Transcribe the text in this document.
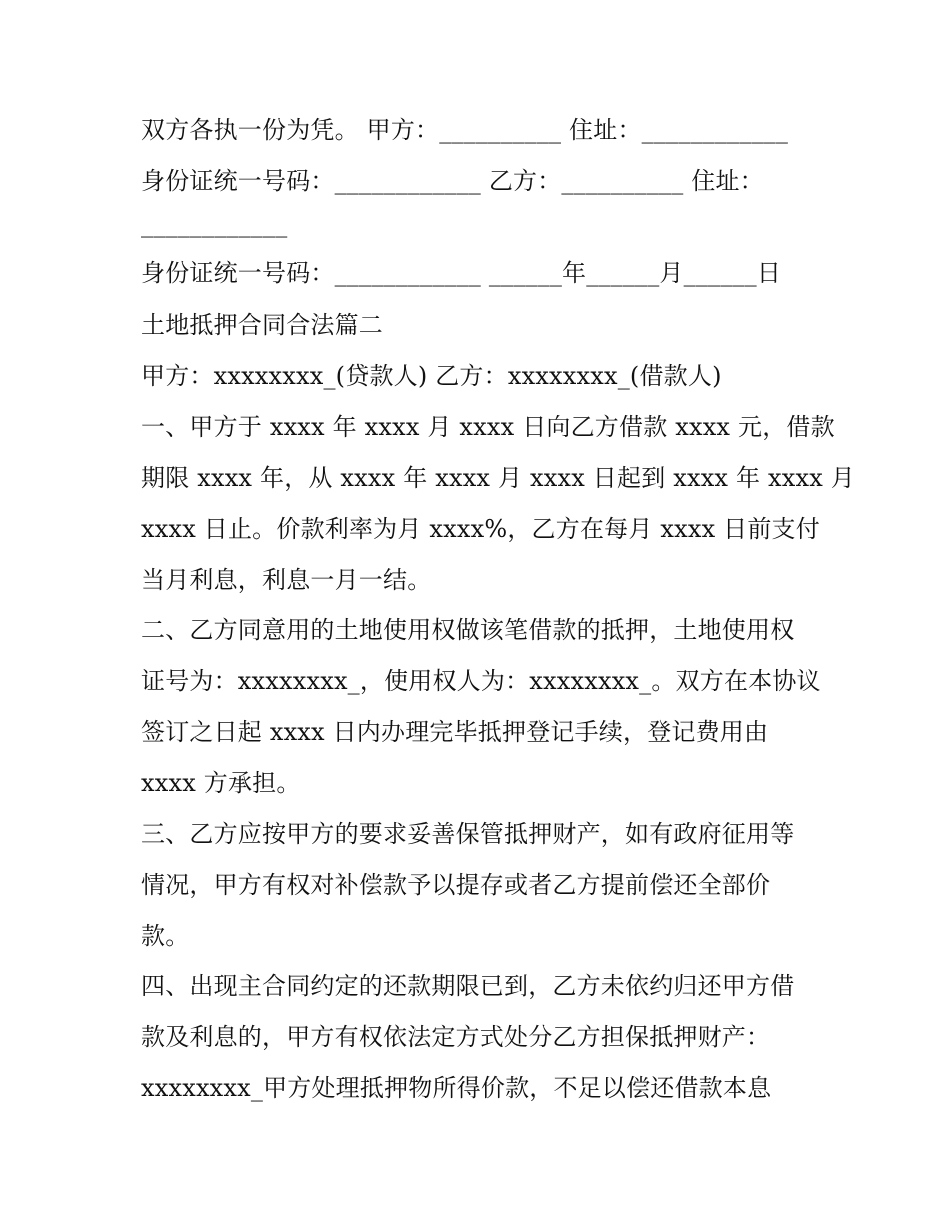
双方各执一份为凭。 甲方：__________ 住址：____________
身份证统一号码：____________ 乙方：__________ 住址：
____________
身份证统一号码：____________ ______年______月______日
土地抵押合同合法篇二
甲方：xxxxxxxx_(贷款人) 乙方：xxxxxxxx_(借款人)
一、甲方于 xxxx 年 xxxx 月 xxxx 日向乙方借款 xxxx 元，借款
期限 xxxx 年，从 xxxx 年 xxxx 月 xxxx 日起到 xxxx 年 xxxx 月
xxxx 日止。价款利率为月 xxxx%，乙方在每月 xxxx 日前支付
当月利息，利息一月一结。
二、乙方同意用的土地使用权做该笔借款的抵押，土地使用权
证号为：xxxxxxxx_，使用权人为：xxxxxxxx_。双方在本协议
签订之日起 xxxx 日内办理完毕抵押登记手续，登记费用由
xxxx 方承担。
三、乙方应按甲方的要求妥善保管抵押财产，如有政府征用等
情况，甲方有权对补偿款予以提存或者乙方提前偿还全部价
款。
四、出现主合同约定的还款期限已到，乙方未依约归还甲方借
款及利息的，甲方有权依法定方式处分乙方担保抵押财产：
xxxxxxxx_甲方处理抵押物所得价款，不足以偿还借款本息
